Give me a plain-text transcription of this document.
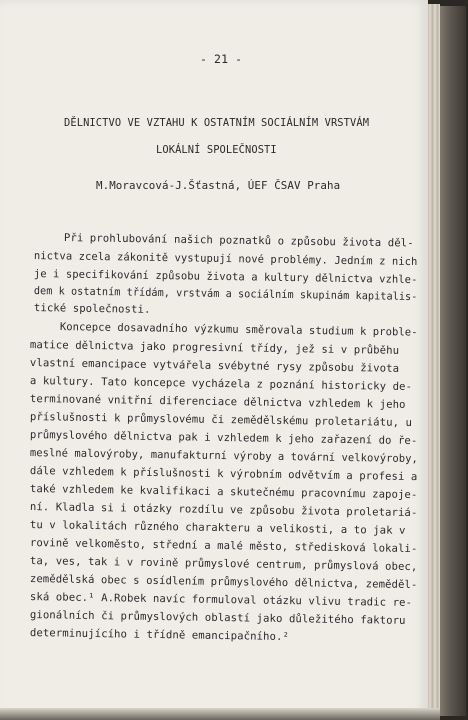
- 21 -
DĚLNICTVO VE VZTAHU K OSTATNÍM SOCIÁLNÍM VRSTVÁM
LOKÁLNÍ SPOLEČNOSTI
M.Moravcová-J.Šťastná, ÚEF ČSAV Praha
Při prohlubování našich poznatků o způsobu života děl-
nictva zcela zákonitě vystupují nové problémy. Jedním z nich
je i specifikování způsobu života a kultury dělnictva vzhle-
dem k ostatním třídám, vrstvám a sociálním skupinám kapitalis-
tické společnosti.
Koncepce dosavadního výzkumu směrovala studium k proble-
matice dělnictva jako progresivní třídy, jež si v průběhu
vlastní emancipace vytvářela svébytné rysy způsobu života
a kultury. Tato koncepce vycházela z poznání historicky de-
terminované vnitřní diferenciace dělnictva vzhledem k jeho
příslušnosti k průmyslovému či zemědělskému proletariátu, u
průmyslového dělnictva pak i vzhledem k jeho zařazení do ře-
meslné malovýroby, manufakturní výroby a tovární velkovýroby,
dále vzhledem k příslušnosti k výrobním odvětvím a profesi a
také vzhledem ke kvalifikaci a skutečnému pracovnímu zapoje-
ní. Kladla si i otázky rozdílu ve způsobu života proletariá-
tu v lokalitách různého charakteru a velikosti, a to jak v
rovině velkoměsto, střední a malé město, středisková lokali-
ta, ves, tak i v rovině průmyslové centrum, průmyslová obec,
zemědělská obec s osídlením průmyslového dělnictva, zeměděl-
ská obec.¹ A.Robek navíc formuloval otázku vlivu tradic re-
gionálních či průmyslových oblastí jako důležitého faktoru
determinujícího i třídně emancipačního.²
